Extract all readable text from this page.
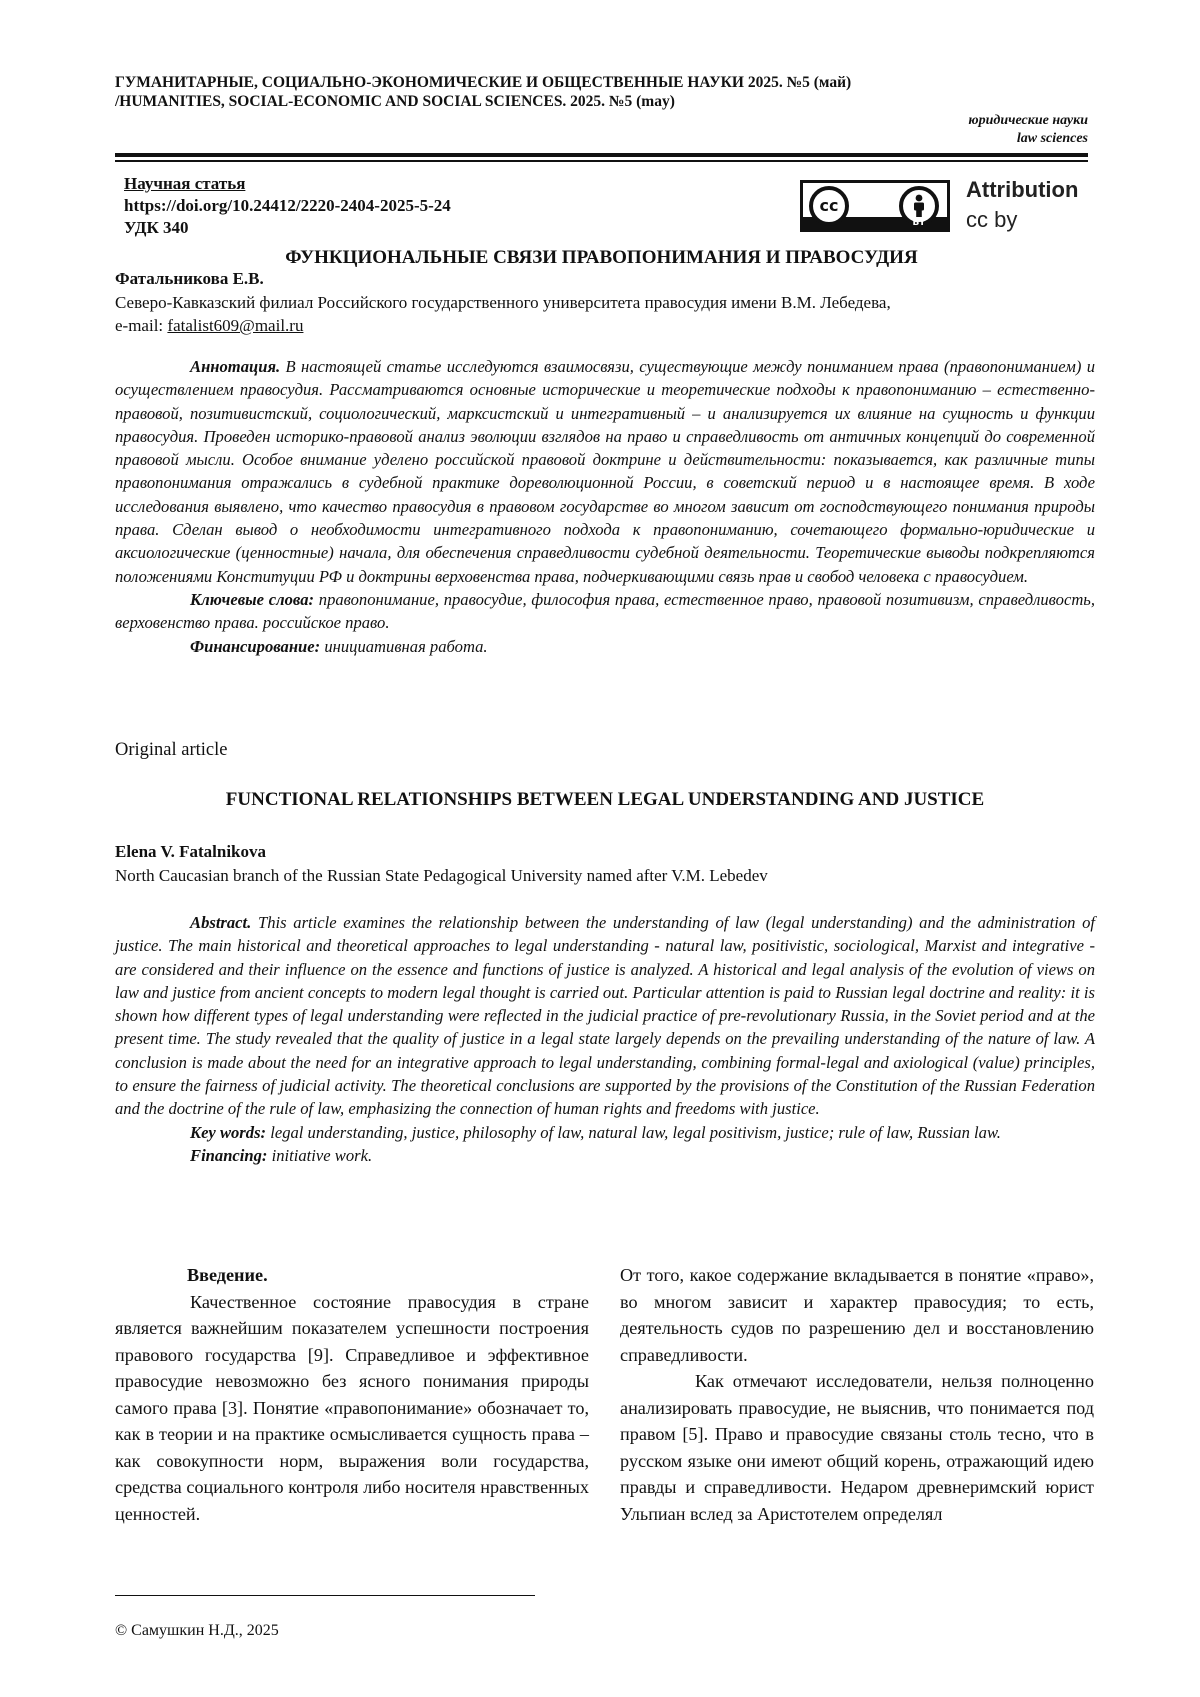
ГУМАНИТАРНЫЕ, СОЦИАЛЬНО-ЭКОНОМИЧЕСКИЕ И ОБЩЕСТВЕННЫЕ НАУКИ 2025. №5 (май)
/HUMANITIES, SOCIAL-ECONOMIC AND SOCIAL SCIENCES. 2025. №5 (may)
юридические науки
law sciences
Научная статья
https://doi.org/10.24412/2220-2404-2025-5-24
УДК 340
cc
BY
Attribution
cc by
ФУНКЦИОНАЛЬНЫЕ СВЯЗИ ПРАВОПОНИМАНИЯ И ПРАВОСУДИЯ
Фатальникова Е.В.
Северо-Кавказский филиал Российского государственного университета правосудия имени В.М. Лебедева,
e-mail: fatalist609@mail.ru

Аннотация. В настоящей статье исследуются взаимосвязи, существующие между пониманием права (правопониманием) и осуществлением правосудия. Рассматриваются основные исторические и теоретические подходы к правопониманию – естественно-правовой, позитивистский, социологический, марксистский и интегративный – и анализируется их влияние на сущность и функции правосудия. Проведен историко-правовой анализ эволюции взглядов на право и справедливость от античных концепций до современной правовой мысли. Особое внимание уделено российской правовой доктрине и действительности: показывается, как различные типы правопонимания отражались в судебной практике дореволюционной России, в советский период и в настоящее время. В ходе исследования выявлено, что качество правосудия в правовом государстве во многом зависит от господствующего понимания природы права. Сделан вывод о необходимости интегративного подхода к правопониманию, сочетающего формально-юридические и аксиологические (ценностные) начала, для обеспечения справедливости судебной деятельности. Теоретические выводы подкрепляются положениями Конституции РФ и доктрины верховенства права, подчеркивающими связь прав и свобод человека с правосудием.

Ключевые слова: правопонимание, правосудие, философия права, естественное право, правовой позитивизм, справедливость, верховенство права. российское право.

Финансирование: инициативная работа.

Original article
FUNCTIONAL RELATIONSHIPS BETWEEN LEGAL UNDERSTANDING AND JUSTICE
Elena V. Fatalnikova
North Caucasian branch of the Russian State Pedagogical University named after V.M. Lebedev

Abstract. This article examines the relationship between the understanding of law (legal understanding) and the administration of justice. The main historical and theoretical approaches to legal understanding - natural law, positivistic, sociological, Marxist and integrative - are considered and their influence on the essence and functions of justice is analyzed. A historical and legal analysis of the evolution of views on law and justice from ancient concepts to modern legal thought is carried out. Particular attention is paid to Russian legal doctrine and reality: it is shown how different types of legal understanding were reflected in the judicial practice of pre-revolutionary Russia, in the Soviet period and at the present time. The study revealed that the quality of justice in a legal state largely depends on the prevailing understanding of the nature of law. A conclusion is made about the need for an integrative approach to legal understanding, combining formal-legal and axiological (value) principles, to ensure the fairness of judicial activity. The theoretical conclusions are supported by the provisions of the Constitution of the Russian Federation and the doctrine of the rule of law, emphasizing the connection of human rights and freedoms with justice.

Key words: legal understanding, justice, philosophy of law, natural law, legal positivism, justice; rule of law, Russian law.

Financing: initiative work.

Введение.

Качественное состояние правосудия в стране является важнейшим показателем успешности построения правового государства [9]. Справедливое и эффективное правосудие невозможно без ясного понимания природы самого права [3]. Понятие «правопонимание» обозначает то, как в теории и на практике осмысливается сущность права – как совокупности норм, выражения воли государства, средства социального контроля либо носителя нравственных ценностей.

От того, какое содержание вкладывается в понятие «право», во многом зависит и характер правосудия; то есть, деятельность судов по разрешению дел и восстановлению справедливости.

Как отмечают исследователи, нельзя полноценно анализировать правосудие, не выяснив, что понимается под правом [5]. Право и правосудие связаны столь тесно, что в русском языке они имеют общий корень, отражающий идею правды и справедливости. Недаром древнеримский юрист Ульпиан вслед за Аристотелем определял

© Самушкин Н.Д., 2025
